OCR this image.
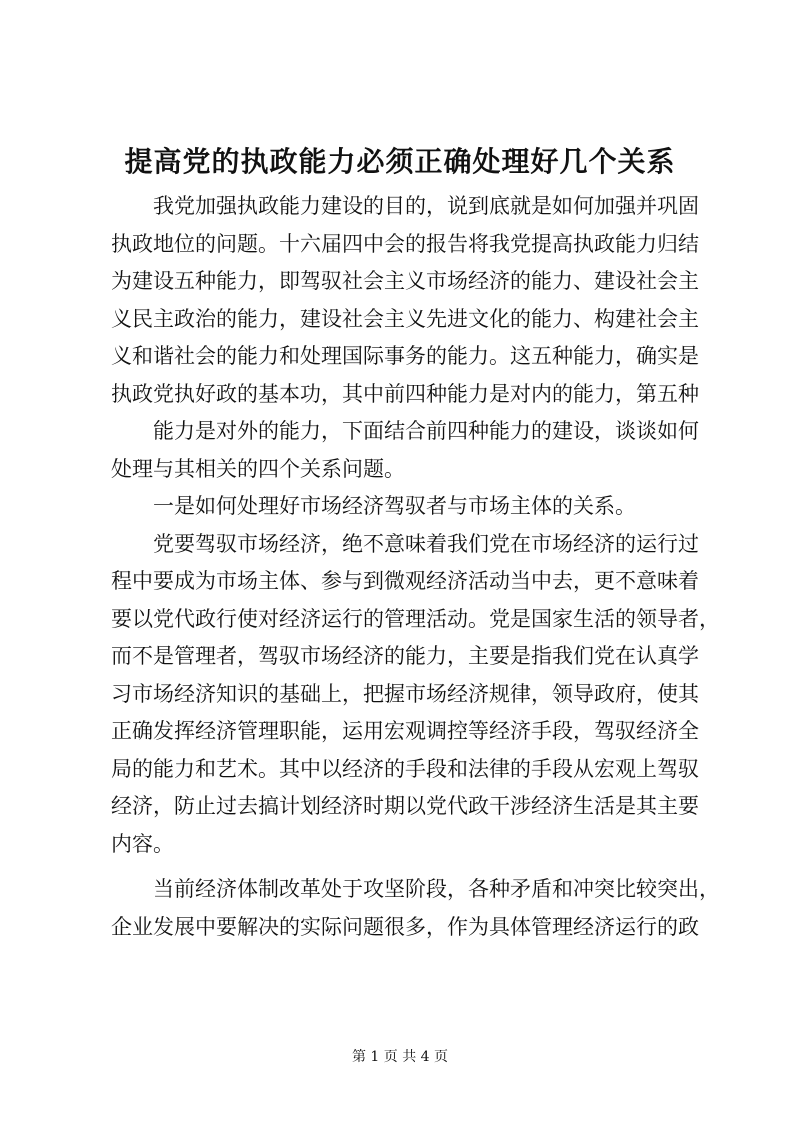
提高党的执政能力必须正确处理好几个关系
我党加强执政能力建设的目的，说到底就是如何加强并巩固
执政地位的问题。十六届四中会的报告将我党提高执政能力归结
为建设五种能力，即驾驭社会主义市场经济的能力、建设社会主
义民主政治的能力，建设社会主义先进文化的能力、构建社会主
义和谐社会的能力和处理国际事务的能力。这五种能力，确实是
执政党执好政的基本功，其中前四种能力是对内的能力，第五种
能力是对外的能力，下面结合前四种能力的建设，谈谈如何
处理与其相关的四个关系问题。
一是如何处理好市场经济驾驭者与市场主体的关系。
党要驾驭市场经济，绝不意味着我们党在市场经济的运行过
程中要成为市场主体、参与到微观经济活动当中去，更不意味着
要以党代政行使对经济运行的管理活动。党是国家生活的领导者，
而不是管理者，驾驭市场经济的能力，主要是指我们党在认真学
习市场经济知识的基础上，把握市场经济规律，领导政府，使其
正确发挥经济管理职能，运用宏观调控等经济手段，驾驭经济全
局的能力和艺术。其中以经济的手段和法律的手段从宏观上驾驭
经济，防止过去搞计划经济时期以党代政干涉经济生活是其主要
内容。
当前经济体制改革处于攻坚阶段，各种矛盾和冲突比较突出，
企业发展中要解决的实际问题很多，作为具体管理经济运行的政
第 1 页 共 4 页
